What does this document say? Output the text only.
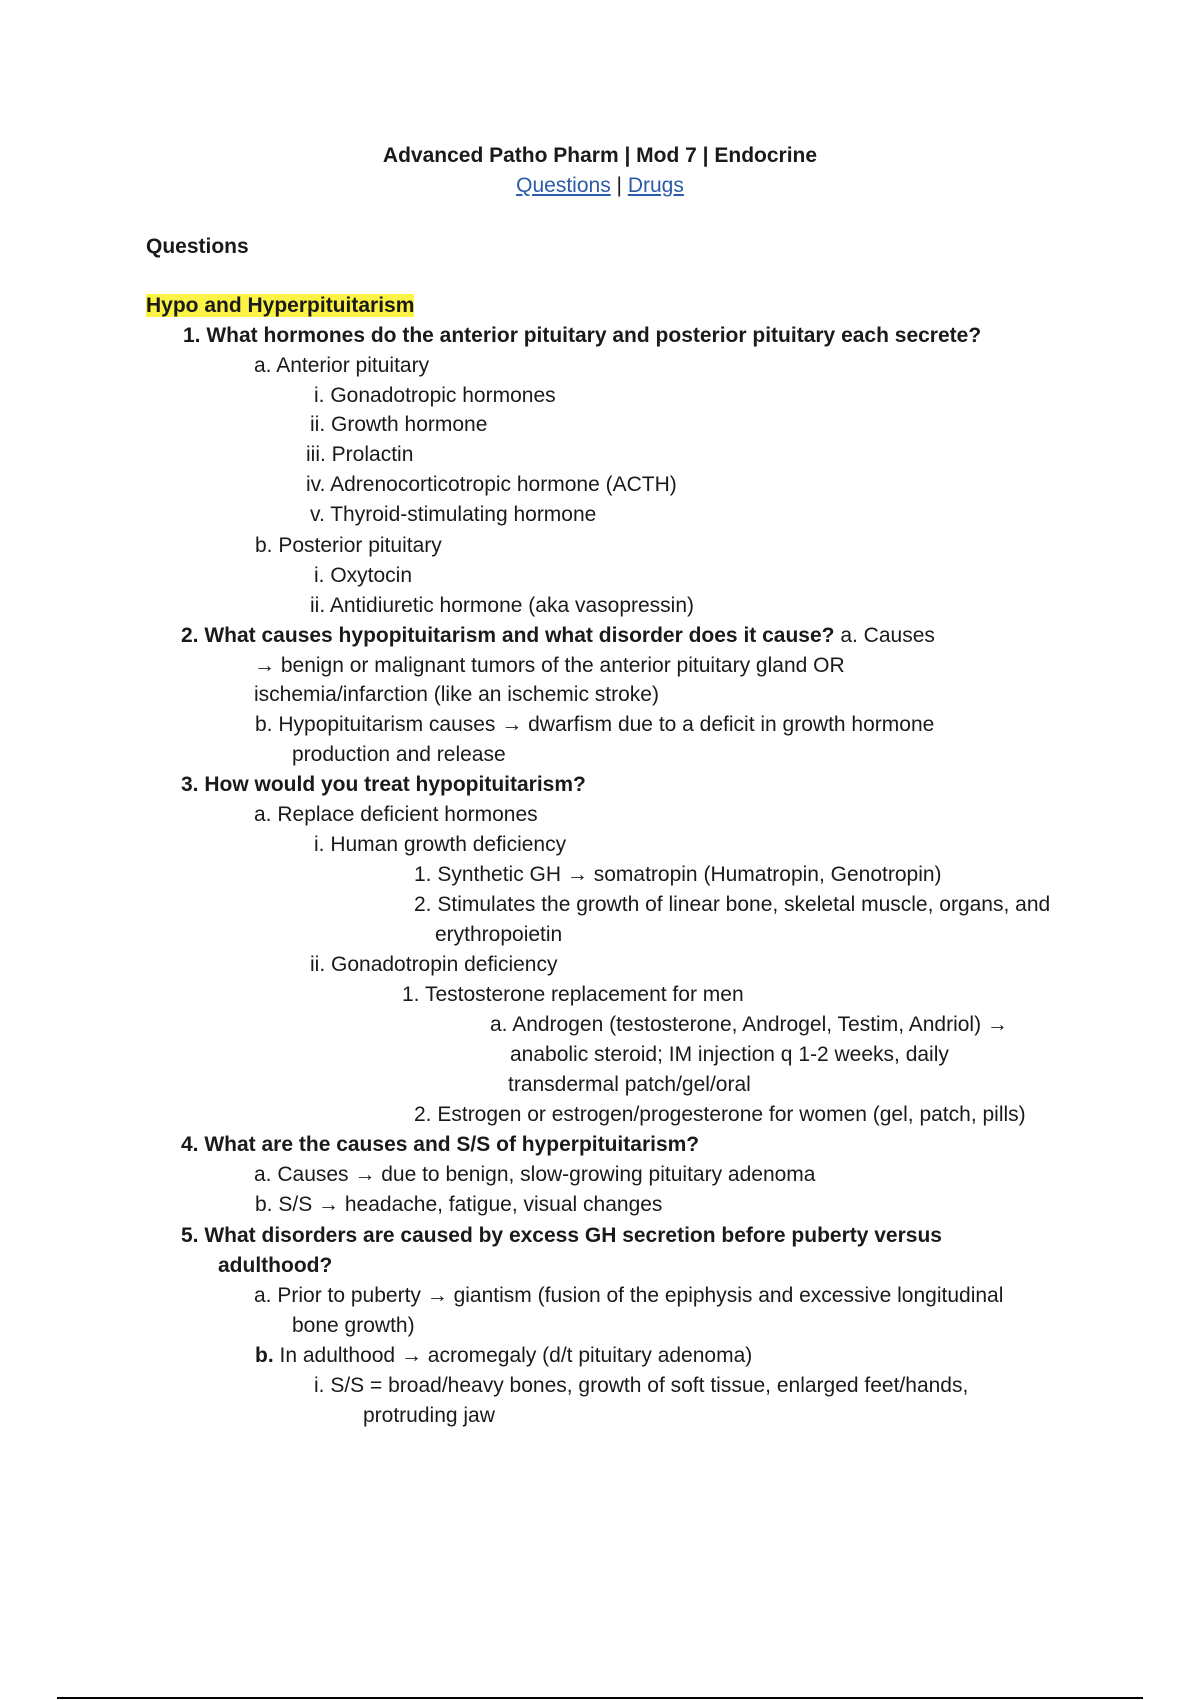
Advanced Patho Pharm | Mod 7 | Endocrine
Questions | Drugs
Questions
Hypo and Hyperpituitarism
1. What hormones do the anterior pituitary and posterior pituitary each secrete?
a. Anterior pituitary
i. Gonadotropic hormones
ii. Growth hormone
iii. Prolactin
iv. Adrenocorticotropic hormone (ACTH)
v. Thyroid-stimulating hormone
b. Posterior pituitary
i. Oxytocin
ii. Antidiuretic hormone (aka vasopressin)
2. What causes hypopituitarism and what disorder does it cause? a. Causes
→ benign or malignant tumors of the anterior pituitary gland OR
ischemia/infarction (like an ischemic stroke)
b. Hypopituitarism causes → dwarfism due to a deficit in growth hormone
production and release
3. How would you treat hypopituitarism?
a. Replace deficient hormones
i. Human growth deficiency
1. Synthetic GH → somatropin (Humatropin, Genotropin)
2. Stimulates the growth of linear bone, skeletal muscle, organs, and
erythropoietin
ii. Gonadotropin deficiency
1. Testosterone replacement for men
a. Androgen (testosterone, Androgel, Testim, Andriol) →
anabolic steroid; IM injection q 1-2 weeks, daily
transdermal patch/gel/oral
2. Estrogen or estrogen/progesterone for women (gel, patch, pills)
4. What are the causes and S/S of hyperpituitarism?
a. Causes → due to benign, slow-growing pituitary adenoma
b. S/S → headache, fatigue, visual changes
5. What disorders are caused by excess GH secretion before puberty versus
adulthood?
a. Prior to puberty → giantism (fusion of the epiphysis and excessive longitudinal
bone growth)
b. In adulthood → acromegaly (d/t pituitary adenoma)
i. S/S = broad/heavy bones, growth of soft tissue, enlarged feet/hands,
protruding jaw
